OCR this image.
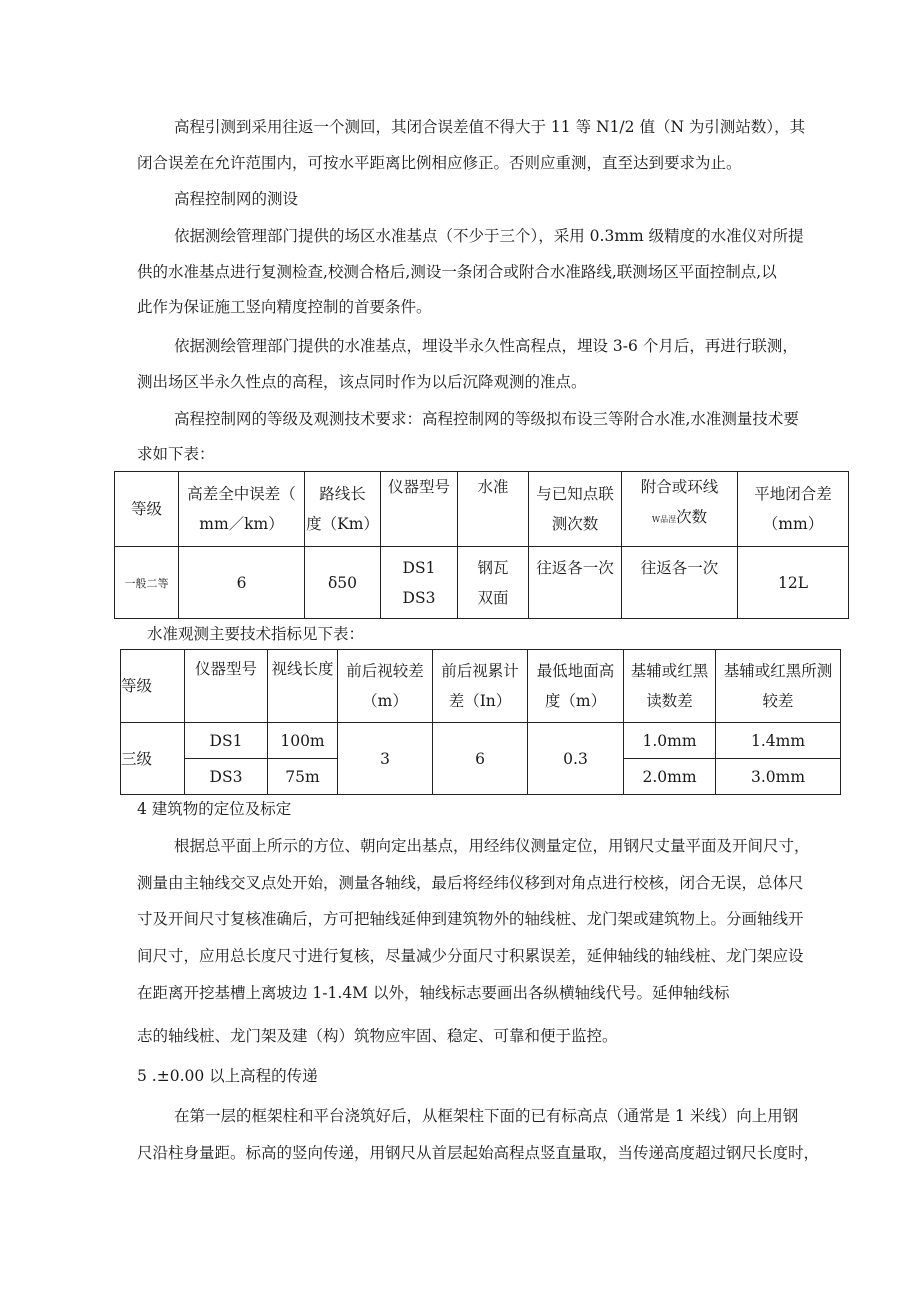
高程引测到采用往返一个测回，其闭合误差值不得大于 11 等 N1/2 值（N 为引测站数），其
闭合误差在允许范围内，可按水平距离比例相应修正。否则应重测，直至达到要求为止。
高程控制网的测设
依据测绘管理部门提供的场区水准基点（不少于三个），采用 0.3mm 级精度的水准仪对所提
供的水准基点进行复测检查,校测合格后,测设一条闭合或附合水准路线,联测场区平面控制点,以
此作为保证施工竖向精度控制的首要条件。
依据测绘管理部门提供的水准基点，埋设半永久性高程点，埋设 3-6 个月后，再进行联测，
测出场区半永久性点的高程，该点同时作为以后沉降观测的准点。
高程控制网的等级及观测技术要求：高程控制网的等级拟布设三等附合水准,水准测量技术要
求如下表：
等级	高差全中误差（
mm／km）	路线长
度（Km）	仪器型号	水准	与已知点联
测次数	附合或环线
W品涅次数	平地闭合差
（mm）

一般二等	6	δ50	DS1
DS3	钢瓦
双面	往返各一次	往返各一次	12L
水准观测主要技术指标见下表：
等级	仪器型号	视线长度	前后视较差
（m）	前后视累计
差（In）	最低地面高
度（m）	基辅或红黑
读数差	基辅或红黑所测
较差

三级	DS1	100m	3	6	0.3	1.0mm	1.4mm
	DS3	75m				2.0mm	3.0mm
4 建筑物的定位及标定
根据总平面上所示的方位、朝向定出基点，用经纬仪测量定位，用钢尺丈量平面及开间尺寸，
测量由主轴线交叉点处开始，测量各轴线，最后将经纬仪移到对角点进行校核，闭合无误，总体尺
寸及开间尺寸复核准确后，方可把轴线延伸到建筑物外的轴线桩、龙门架或建筑物上。分画轴线开
间尺寸，应用总长度尺寸进行复核，尽量减少分面尺寸积累误差，延伸轴线的轴线桩、龙门架应设
在距离开挖基槽上离坡边 1-1.4M 以外，轴线标志要画出各纵横轴线代号。延伸轴线标
志的轴线桩、龙门架及建（构）筑物应牢固、稳定、可靠和便于监控。
5 .±0.00 以上高程的传递
在第一层的框架柱和平台浇筑好后，从框架柱下面的已有标高点（通常是 1 米线）向上用钢
尺沿柱身量距。标高的竖向传递，用钢尺从首层起始高程点竖直量取，当传递高度超过钢尺长度时，
